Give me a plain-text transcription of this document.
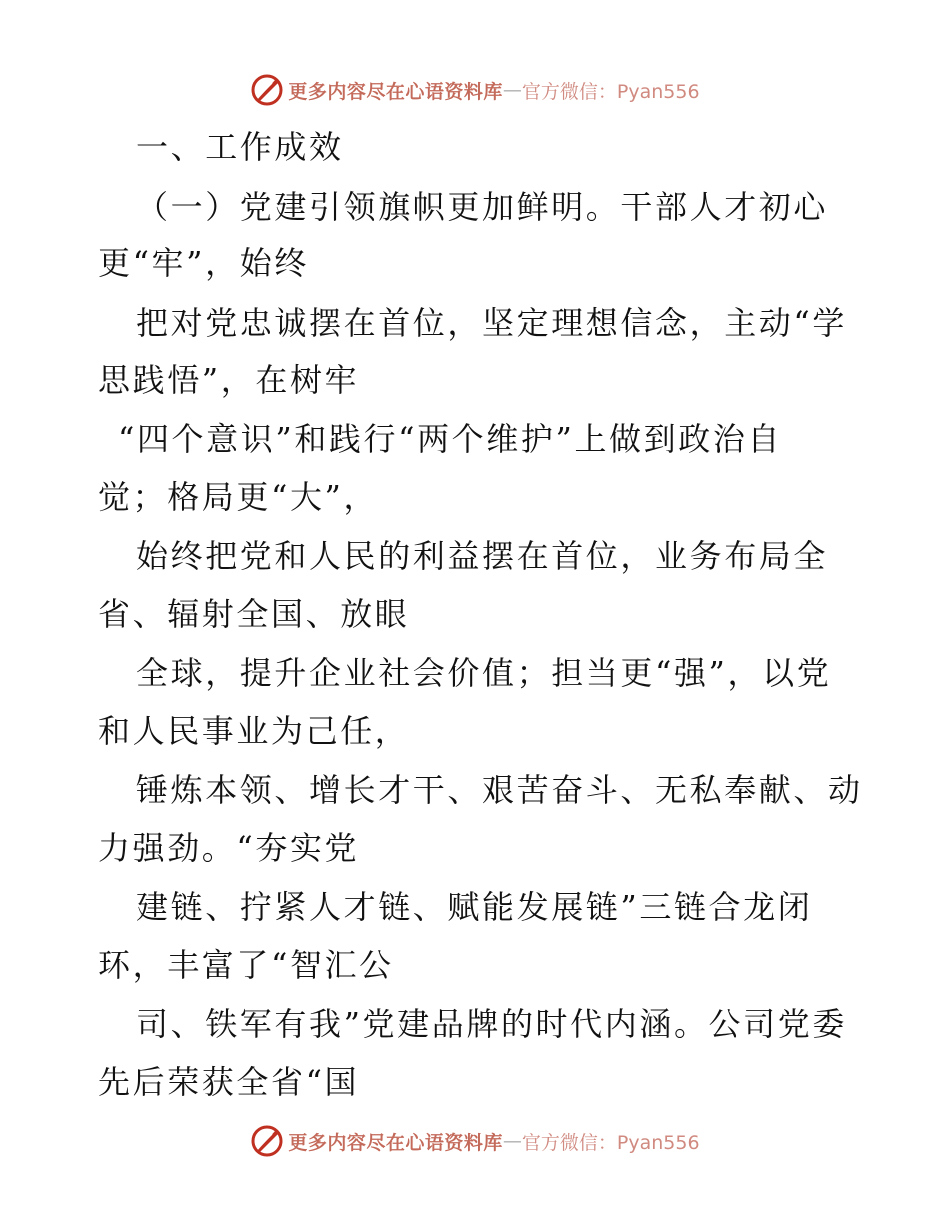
更多内容尽在心语资料库 — 官方微信：Pyan556
一、工作成效
（一）党建引领旗帜更加鲜明。干部人才初心
更“牢”，始终
把对党忠诚摆在首位，坚定理想信念，主动“学
思践悟”，在树牢
“四个意识”和践行“两个维护”上做到政治自
觉；格局更“大”，
始终把党和人民的利益摆在首位，业务布局全
省、辐射全国、放眼
全球，提升企业社会价值；担当更“强”，以党
和人民事业为己任，
锤炼本领、增长才干、艰苦奋斗、无私奉献、动
力强劲。“夯实党
建链、拧紧人才链、赋能发展链”三链合龙闭
环，丰富了“智汇公
司、铁军有我”党建品牌的时代内涵。公司党委
先后荣获全省“国
更多内容尽在心语资料库 — 官方微信：Pyan556
